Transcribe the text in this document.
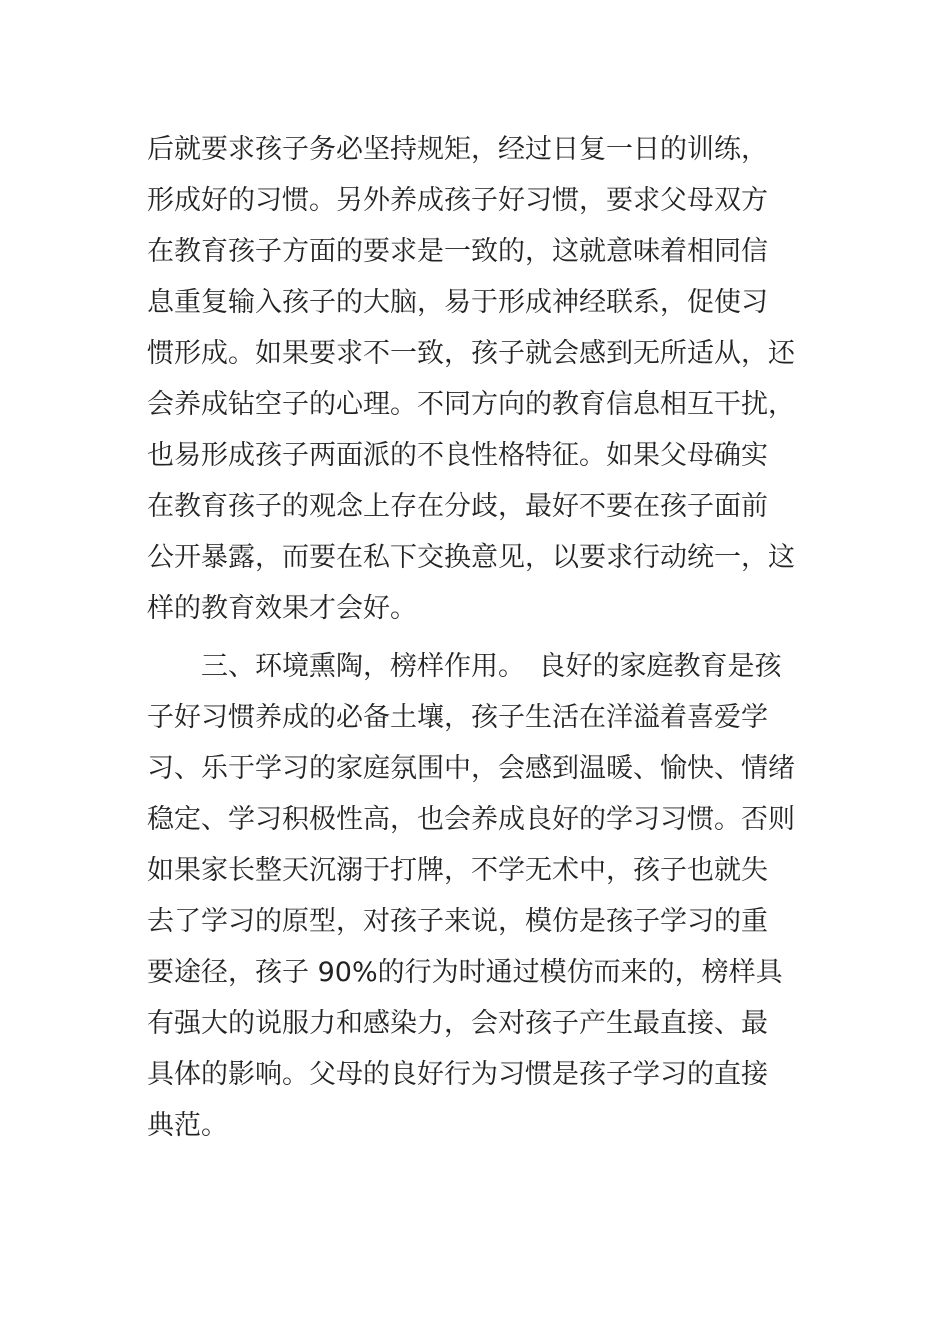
后就要求孩子务必坚持规矩，经过日复一日的训练，
形成好的习惯。另外养成孩子好习惯，要求父母双方
在教育孩子方面的要求是一致的，这就意味着相同信
息重复输入孩子的大脑，易于形成神经联系，促使习
惯形成。如果要求不一致，孩子就会感到无所适从，还
会养成钻空子的心理。不同方向的教育信息相互干扰，
也易形成孩子两面派的不良性格特征。如果父母确实
在教育孩子的观念上存在分歧，最好不要在孩子面前
公开暴露，而要在私下交换意见，以要求行动统一，这
样的教育效果才会好。
　　三、环境熏陶，榜样作用。　良好的家庭教育是孩
子好习惯养成的必备土壤，孩子生活在洋溢着喜爱学
习、乐于学习的家庭氛围中，会感到温暖、愉快、情绪
稳定、学习积极性高，也会养成良好的学习习惯。否则
如果家长整天沉溺于打牌，不学无术中，孩子也就失
去了学习的原型，对孩子来说，模仿是孩子学习的重
要途径，孩子 90%的行为时通过模仿而来的，榜样具
有强大的说服力和感染力，会对孩子产生最直接、最
具体的影响。父母的良好行为习惯是孩子学习的直接
典范。
